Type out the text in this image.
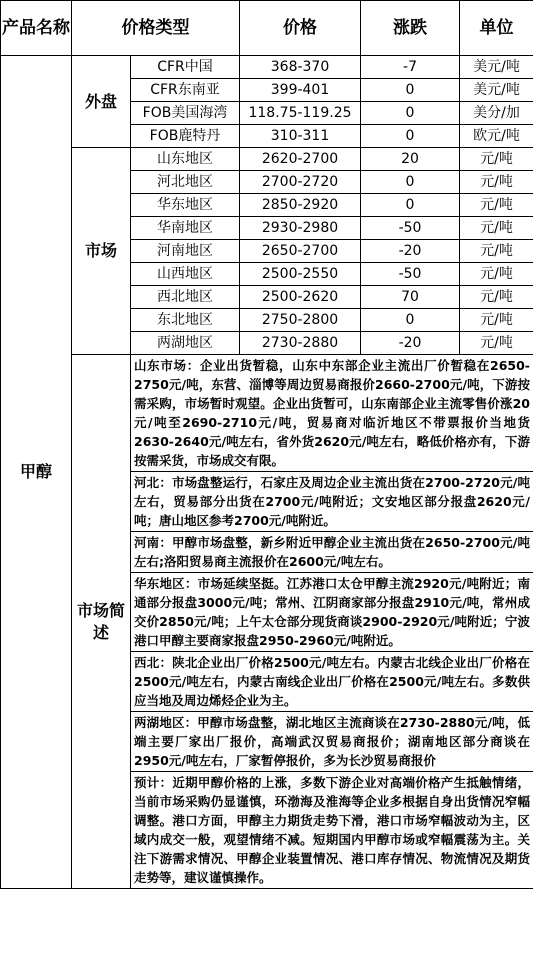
产品名称	价格类型		价格	涨跌	单位
甲醇	外盘	CFR中国	368-370	-7	美元/吨
		CFR东南亚	399-401	0	美元/吨
		FOB美国海湾	118.75-119.25	0	美分/加
		FOB鹿特丹	310-311	0	欧元/吨
	市场	山东地区	2620-2700	20	元/吨
		河北地区	2700-2720	0	元/吨
		华东地区	2850-2920	0	元/吨
		华南地区	2930-2980	-50	元/吨
		河南地区	2650-2700	-20	元/吨
		山西地区	2500-2550	-50	元/吨
		西北地区	2500-2620	70	元/吨
		东北地区	2750-2800	0	元/吨
		两湖地区	2730-2880	-20	元/吨
	市场简述	山东市场：企业出货暂稳，山东中东部企业主流出厂价暂稳在2650-2750元/吨，东营、淄博等周边贸易商报价2660-2700元/吨，下游按需采购，市场暂时观望。企业出货暂可，山东南部企业主流零售价涨20元/吨至2690-2710元/吨，贸易商对临沂地区不带票报价当地货2630-2640元/吨左右，省外货2620元/吨左右，略低价格亦有，下游按需采货，市场成交有限。			
		河北：市场盘整运行，石家庄及周边企业主流出货在2700-2720元/吨左右，贸易部分出货在2700元/吨附近；文安地区部分报盘2620元/吨；唐山地区参考2700元/吨附近。			
		河南：甲醇市场盘整，新乡附近甲醇企业主流出货在2650-2700元/吨左右;洛阳贸易商主流报价在2600元/吨左右。			
		华东地区：市场延续坚挺。江苏港口太仓甲醇主流2920元/吨附近；南通部分报盘3000元/吨；常州、江阴商家部分报盘2910元/吨，常州成交价2850元/吨；上午太仓部分现货商谈2900-2920元/吨附近；宁波港口甲醇主要商家报盘2950-2960元/吨附近。			
		西北：陕北企业出厂价格2500元/吨左右。内蒙古北线企业出厂价格在2500元/吨左右，内蒙古南线企业出厂价格在2500元/吨左右。多数供应当地及周边烯烃企业为主。			
		两湖地区：甲醇市场盘整，湖北地区主流商谈在2730-2880元/吨，低端主要厂家出厂报价，高端武汉贸易商报价；湖南地区部分商谈在2950元/吨左右，厂家暂停报价，多为长沙贸易商报价			
		预计：近期甲醇价格的上涨，多数下游企业对高端价格产生抵触情绪，当前市场采购仍显谨慎，环渤海及淮海等企业多根据自身出货情况窄幅调整。港口方面，甲醇主力期货走势下滑，港口市场窄幅波动为主，区域内成交一般，观望情绪不减。短期国内甲醇市场或窄幅震荡为主。关注下游需求情况、甲醇企业装置情况、港口库存情况、物流情况及期货走势等，建议谨慎操作。			
